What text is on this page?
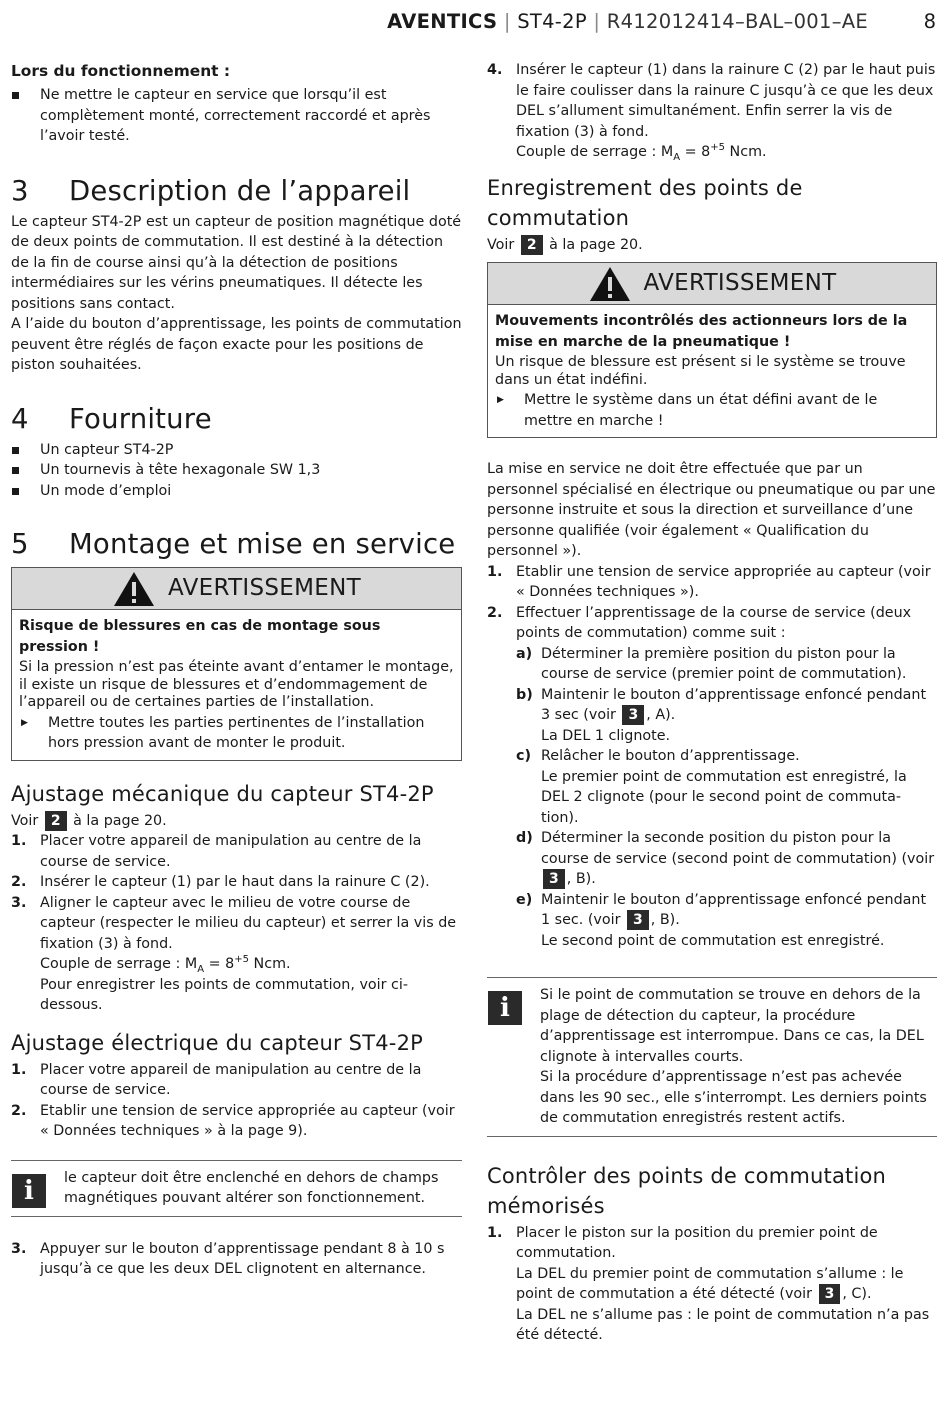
AVENTICS | ST4-2P | R412012414–BAL–001–AE	8

Lors du fonctionnement :

Ne mettre le capteur en service que lorsqu’il est complètement monté, correctement raccordé et après l’avoir testé.
3 Description de l’appareil

Le capteur ST4-2P est un capteur de position magnétique doté de deux points de commutation. Il est destiné à la détection de la fin de course ainsi qu’à la détection de positions intermédiaires sur les vérins pneumatiques. Il détecte les positions sans contact.

A l’aide du bouton d’apprentissage, les points de commutation peuvent être réglés de façon exacte pour les positions de piston souhaitées.

4 Fourniture
Un capteur ST4-2P
Un tournevis à tête hexagonale SW 1,3
Un mode d’emploi
5 Montage et mise en service
AVERTISSEMENT

Risque de blessures en cas de montage sous pression !

Si la pression n’est pas éteinte avant d’entamer le montage, il existe un risque de blessures et d’endommagement de l’appareil ou de certaines parties de l’installation.

▶ Mettre toutes les parties pertinentes de l’installation hors pression avant de monter le produit.
Ajustage mécanique du capteur ST4-2P

Voir 2 à la page 20.

1. Placer votre appareil de manipulation au centre de la course de service.
2. Insérer le capteur (1) par le haut dans la rainure C (2).
3. Aligner le capteur avec le milieu de votre course de capteur (respecter le milieu du capteur) et serrer la vis de fixation (3) à fond.
Couple de serrage : $M_A = 8^{+5}$ Ncm.
Pour enregistrer les points de commutation, voir ci-dessous.
Ajustage électrique du capteur ST4-2P
1. Placer votre appareil de manipulation au centre de la course de service.
2. Etablir une tension de service appropriée au capteur (voir « Données techniques » à la page 9).
i	le capteur doit être enclenché en dehors de champs magnétiques pouvant altérer son fonctionnement.

3. Appuyer sur le bouton d’apprentissage pendant 8 à 10 s jusqu’à ce que les deux DEL clignotent en alternance.
4. Insérer le capteur (1) dans la rainure C (2) par le haut puis le faire coulisser dans la rainure C jusqu’à ce que les deux DEL s’allument simultanément. Enfin serrer la vis de fixation (3) à fond.
Couple de serrage : $M_A = 8^{+5}$ Ncm.
Enregistrement des points de commutation

Voir 2 à la page 20.

AVERTISSEMENT

Mouvements incontrôlés des actionneurs lors de la mise en marche de la pneumatique !

Un risque de blessure est présent si le système se trouve dans un état indéfini.

▶ Mettre le système dans un état défini avant de le mettre en marche !

La mise en service ne doit être effectuée que par un personnel spécialisé en électrique ou pneumatique ou par une personne instruite et sous la direction et surveillance d’une personne qualifiée (voir également « Qualification du personnel »).

1. Etablir une tension de service appropriée au capteur (voir « Données techniques »).
2. Effectuer l’apprentissage de la course de service (deux points de commutation) comme suit :
a) Déterminer la première position du piston pour la course de service (premier point de commutation).
b) Maintenir le bouton d’apprentissage enfoncé pendant 3 sec (voir 3 , A).
La DEL 1 clignote.
c) Relâcher le bouton d’apprentissage.
Le premier point de commutation est enregistré, la DEL 2 clignote (pour le second point de commuta-tion).
d) Déterminer la seconde position du piston pour la course de service (second point de commutation) (voir 3 , B).
e) Maintenir le bouton d’apprentissage enfoncé pendant 1 sec. (voir 3 , B).
Le second point de commutation est enregistré.
i	Si le point de commutation se trouve en dehors de la plage de détection du capteur, la procédure d’apprentissage est interrompue. Dans ce cas, la DEL clignote à intervalles courts.

Si la procédure d’apprentissage n’est pas achevée dans les 90 sec., elle s’interrompt. Les derniers points de commutation enregistrés restent actifs.

Contrôler des points de commutation mémorisés
1. Placer le piston sur la position du premier point de commutation.
La DEL du premier point de commutation s’allume : le point de commutation a été détecté (voir 3 , C).
La DEL ne s’allume pas : le point de commutation n’a pas été détecté.
